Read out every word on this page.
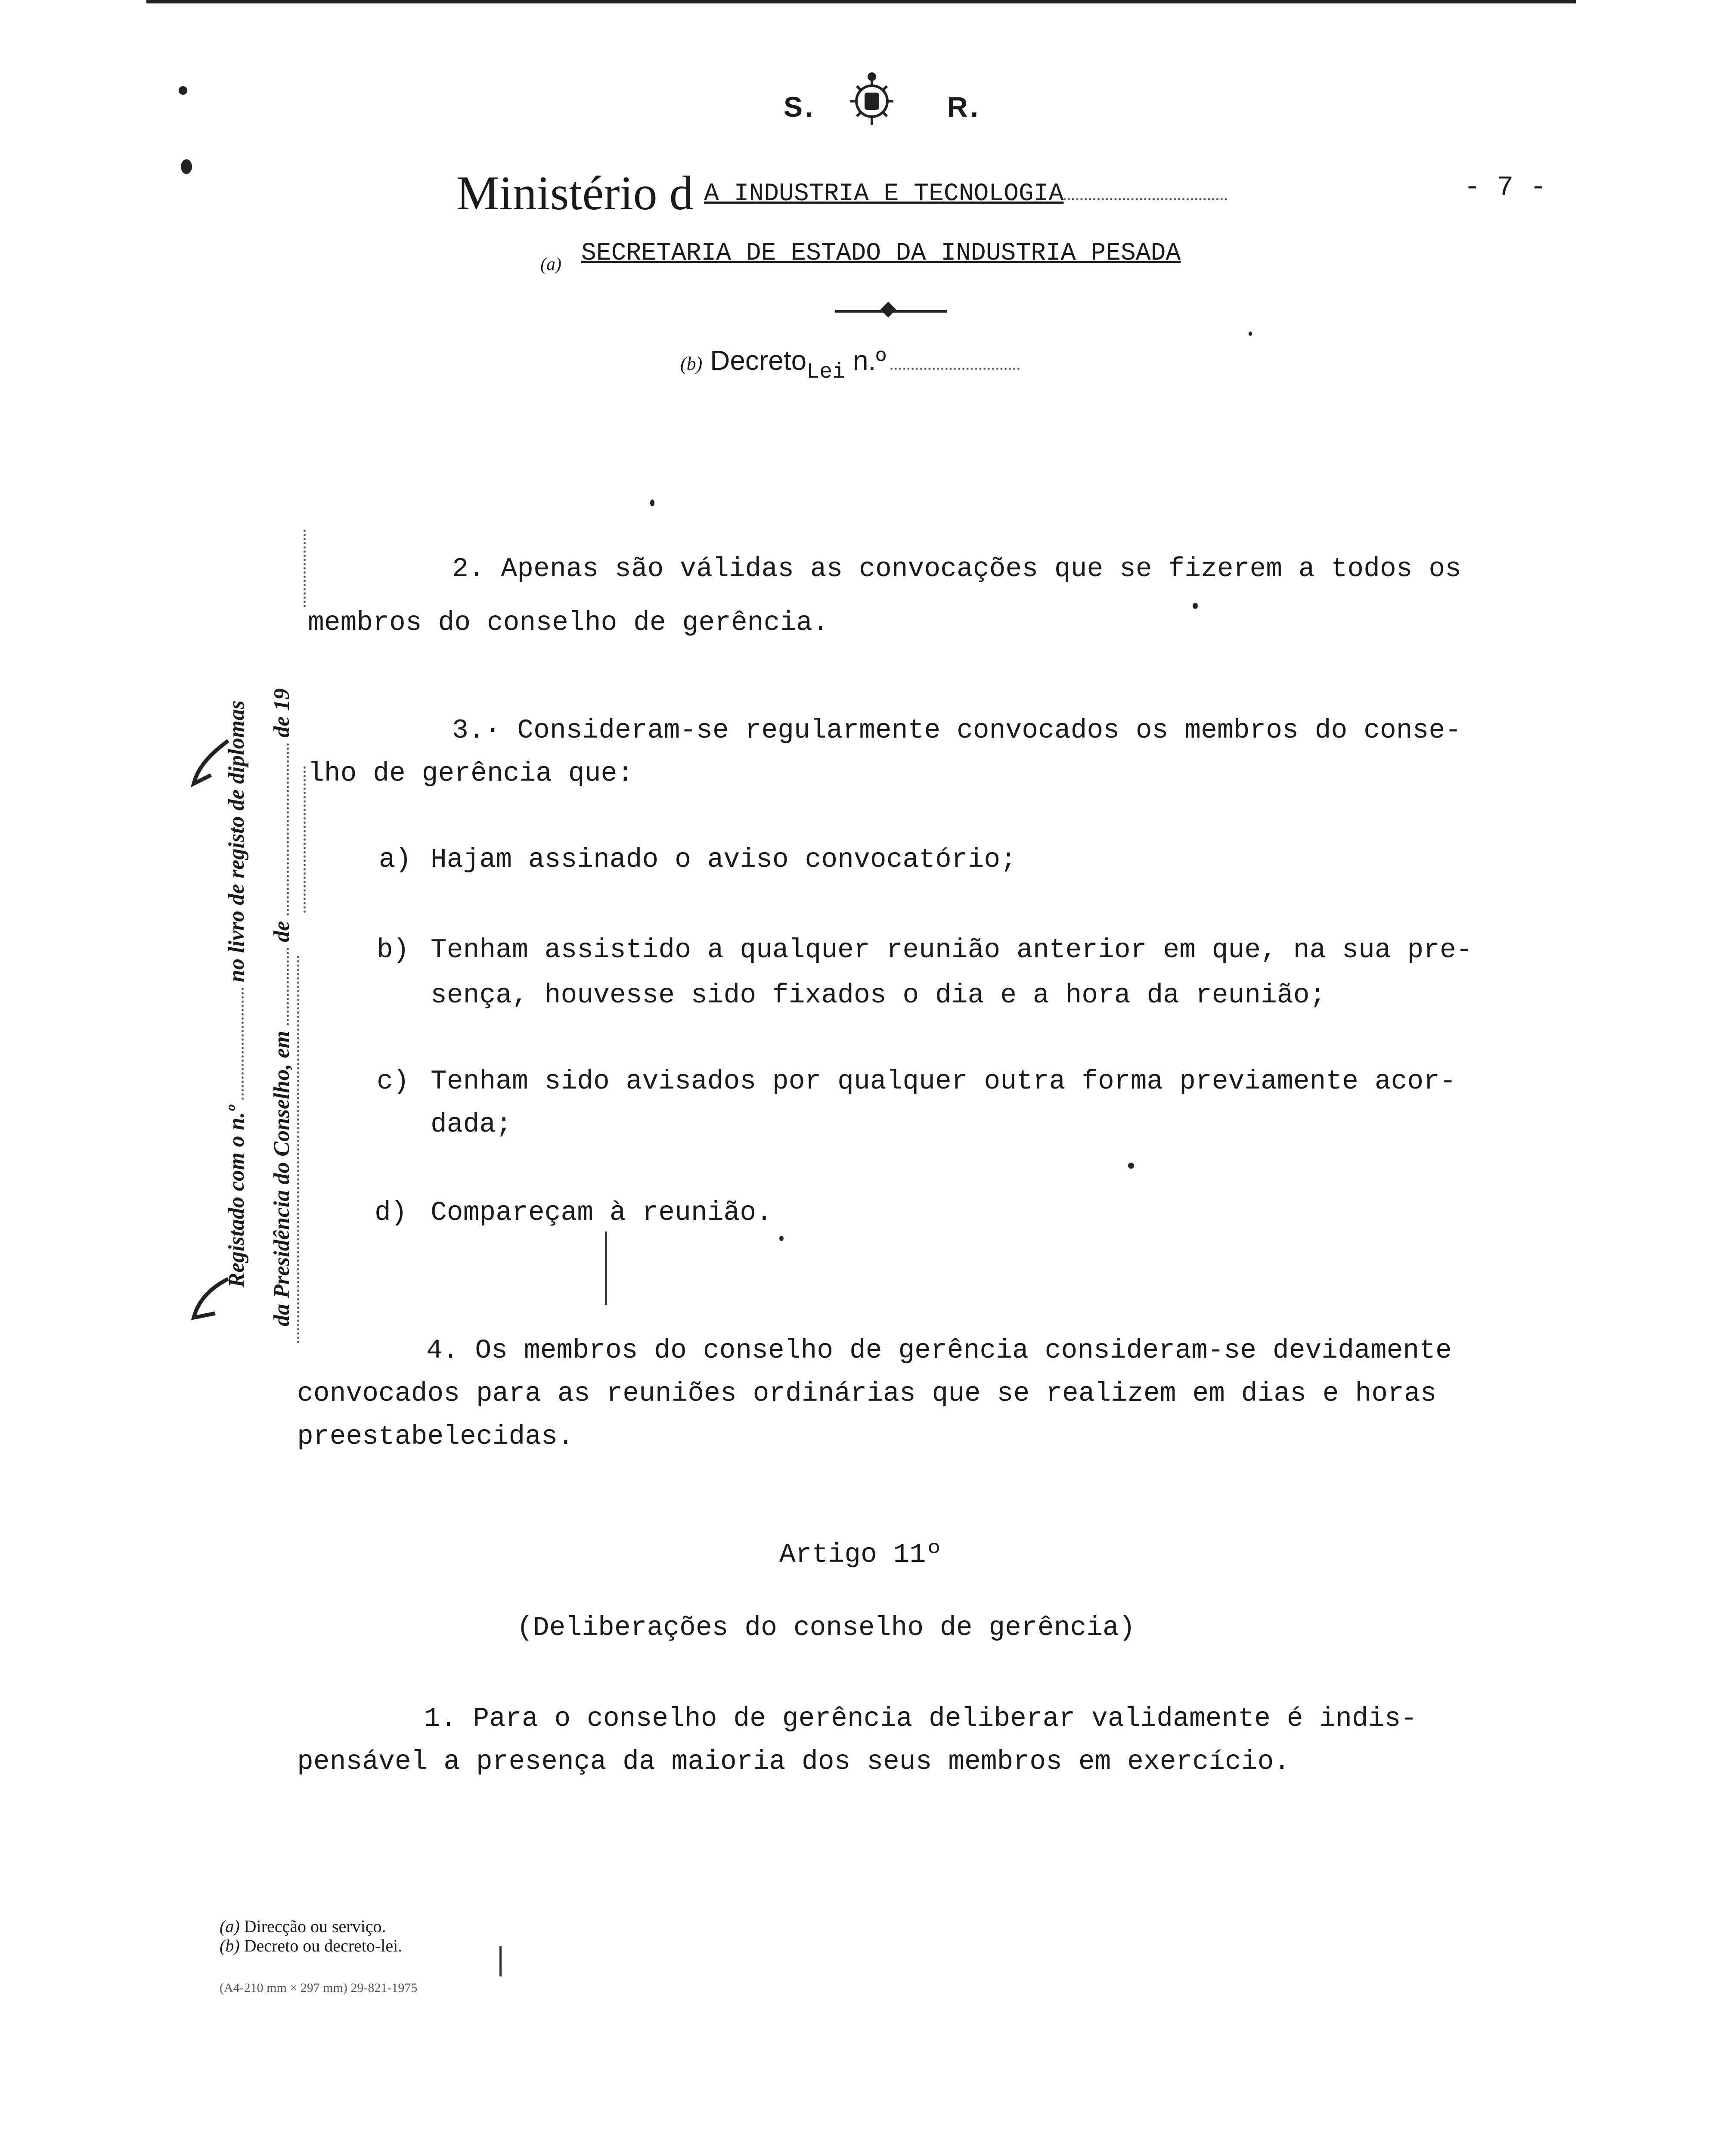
S.	R.
Ministério d A INDUSTRIA E TECNOLOGIA	- 7 -
(a) SECRETARIA DE ESTADO DA INDUSTRIA PESADA
(b) Decreto$_{Lei}$ n.º
Registado com o n.º  no livro de registo de diplomas
da Presidência do Conselho, em  de  de 19
2. Apenas são válidas as convocações que se fizerem a todos os
membros do conselho de gerência.
3.· Consideram-se regularmente convocados os membros do conse-
lho de gerência que:
a) Hajam assinado o aviso convocatório;
b) Tenham assistido a qualquer reunião anterior em que, na sua pre-
sença, houvesse sido fixados o dia e a hora da reunião;
c) Tenham sido avisados por qualquer outra forma previamente acor-
dada;
d) Compareçam à reunião.
4. Os membros do conselho de gerência consideram-se devidamente
convocados para as reuniões ordinárias que se realizem em dias e horas
preestabelecidas.
Artigo 11º
(Deliberações do conselho de gerência)
1. Para o conselho de gerência deliberar validamente é indis-
pensável a presença da maioria dos seus membros em exercício.
(a) Direcção ou serviço.
(b) Decreto ou decreto-lei.
(A4-210 mm × 297 mm) 29-821-1975
